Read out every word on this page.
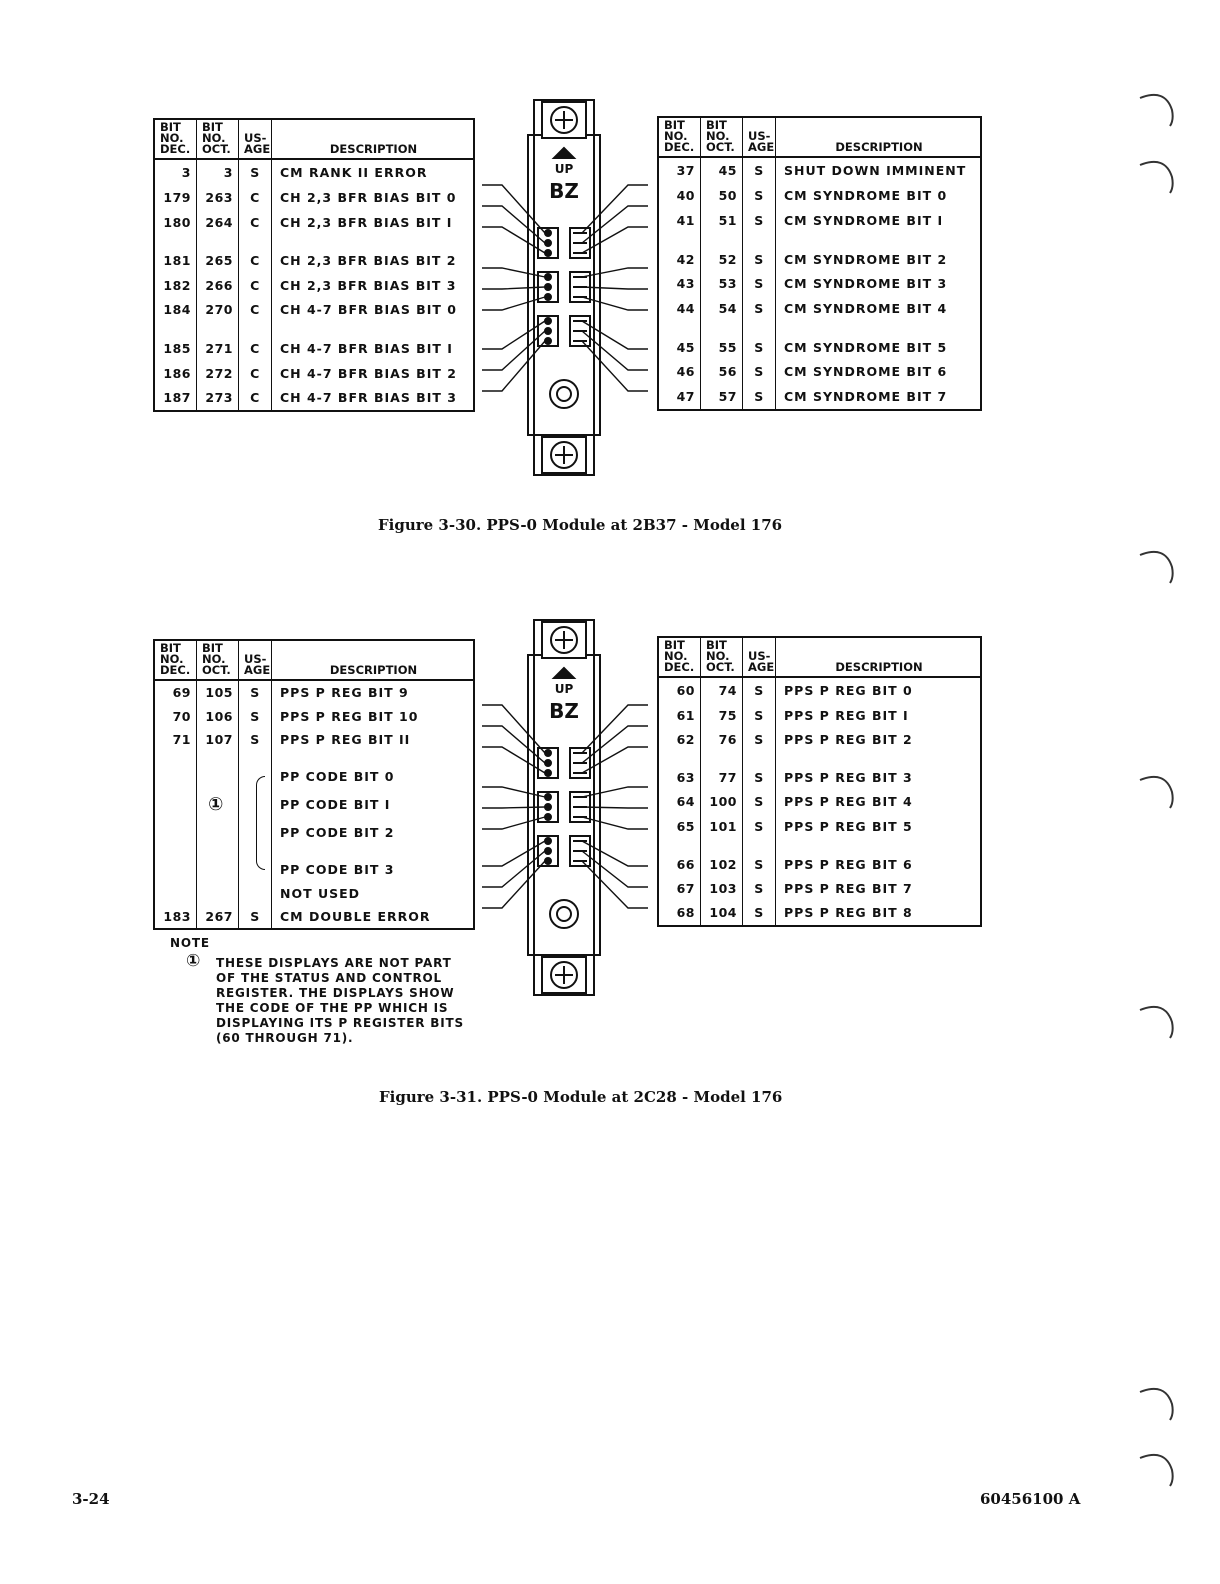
BIT NO. DEC.	BIT NO. OCT.	US- AGE	DESCRIPTION
3	3	S	CM RANK II ERROR
179	263	C	CH 2,3 BFR BIAS BIT 0
180	264	C	CH 2,3 BFR BIAS BIT I

181	265	C	CH 2,3 BFR BIAS BIT 2
182	266	C	CH 2,3 BFR BIAS BIT 3
184	270	C	CH 4-7 BFR BIAS BIT 0

185	271	C	CH 4-7 BFR BIAS BIT I
186	272	C	CH 4-7 BFR BIAS BIT 2
187	273	C	CH 4-7 BFR BIAS BIT 3
BIT NO. DEC.	BIT NO. OCT.	US- AGE	DESCRIPTION
37	45	S	SHUT DOWN IMMINENT
40	50	S	CM SYNDROME BIT 0
41	51	S	CM SYNDROME BIT I

42	52	S	CM SYNDROME BIT 2
43	53	S	CM SYNDROME BIT 3
44	54	S	CM SYNDROME BIT 4

45	55	S	CM SYNDROME BIT 5
46	56	S	CM SYNDROME BIT 6
47	57	S	CM SYNDROME BIT 7
UP
BZ
Figure 3-30. PPS-0 Module at 2B37 - Model 176
BIT NO. DEC.	BIT NO. OCT.	US- AGE	DESCRIPTION
69	105	S	PPS P REG BIT 9
70	106	S	PPS P REG BIT 10
71	107	S	PPS P REG BIT II

			PP CODE BIT 0
	①		PP CODE BIT I
			PP CODE BIT 2

			PP CODE BIT 3
			NOT USED
183	267	S	CM DOUBLE ERROR
BIT NO. DEC.	BIT NO. OCT.	US- AGE	DESCRIPTION
60	74	S	PPS P REG BIT 0
61	75	S	PPS P REG BIT I
62	76	S	PPS P REG BIT 2

63	77	S	PPS P REG BIT 3
64	100	S	PPS P REG BIT 4
65	101	S	PPS P REG BIT 5

66	102	S	PPS P REG BIT 6
67	103	S	PPS P REG BIT 7
68	104	S	PPS P REG BIT 8
UP
BZ
NOTE
① THESE DISPLAYS ARE NOT PART OF THE STATUS AND CONTROL REGISTER. THE DISPLAYS SHOW THE CODE OF THE PP WHICH IS DISPLAYING ITS P REGISTER BITS (60 THROUGH 71).
Figure 3-31. PPS-0 Module at 2C28 - Model 176
3-24	60456100 A
